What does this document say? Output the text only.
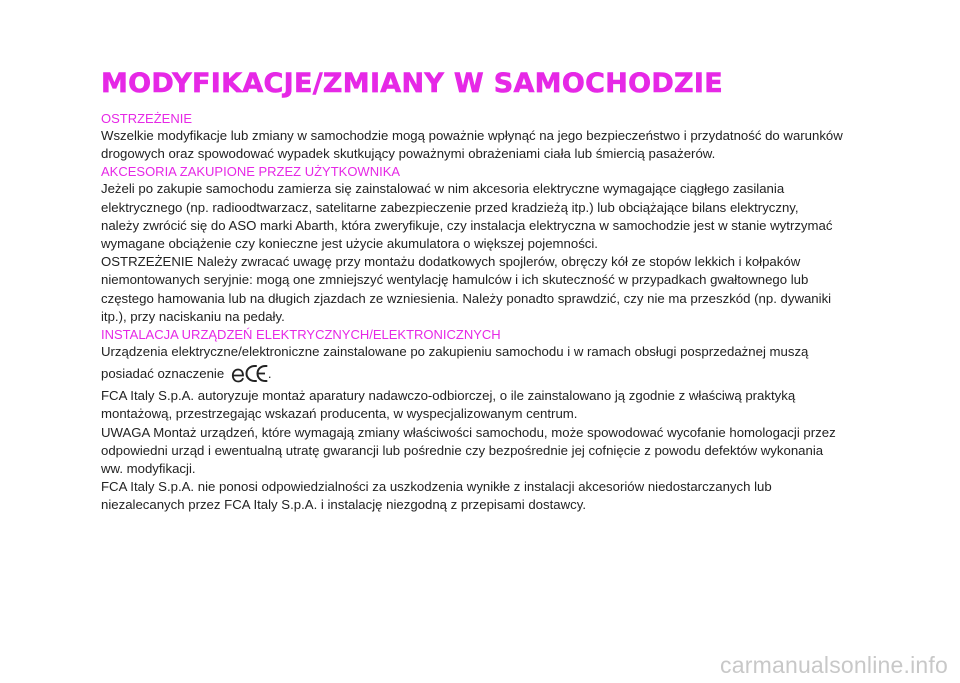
MODYFIKACJE/ZMIANY W SAMOCHODZIE

OSTRZEŻENIE

Wszelkie modyfikacje lub zmiany w samochodzie mogą poważnie wpłynąć na jego bezpieczeństwo i przydatność do warunków

drogowych oraz spowodować wypadek skutkujący poważnymi obrażeniami ciała lub śmiercią pasażerów.

AKCESORIA ZAKUPIONE PRZEZ UŻYTKOWNIKA

Jeżeli po zakupie samochodu zamierza się zainstalować w nim akcesoria elektryczne wymagające ciągłego zasilania

elektrycznego (np. radioodtwarzacz, satelitarne zabezpieczenie przed kradzieżą itp.) lub obciążające bilans elektryczny,

należy zwrócić się do ASO marki Abarth, która zweryfikuje, czy instalacja elektryczna w samochodzie jest w stanie wytrzymać

wymagane obciążenie czy konieczne jest użycie akumulatora o większej pojemności.

OSTRZEŻENIE Należy zwracać uwagę przy montażu dodatkowych spojlerów, obręczy kół ze stopów lekkich i kołpaków

niemontowanych seryjnie: mogą one zmniejszyć wentylację hamulców i ich skuteczność w przypadkach gwałtownego lub

częstego hamowania lub na długich zjazdach ze wzniesienia. Należy ponadto sprawdzić, czy nie ma przeszkód (np. dywaniki

itp.), przy naciskaniu na pedały.

INSTALACJA URZĄDZEŃ ELEKTRYCZNYCH/ELEKTRONICZNYCH

Urządzenia elektryczne/elektroniczne zainstalowane po zakupieniu samochodu i w ramach obsługi posprzedażnej muszą

posiadać oznaczenie	.

FCA Italy S.p.A. autoryzuje montaż aparatury nadawczo-odbiorczej, o ile zainstalowano ją zgodnie z właściwą praktyką

montażową, przestrzegając wskazań producenta, w wyspecjalizowanym centrum.

UWAGA Montaż urządzeń, które wymagają zmiany właściwości samochodu, może spowodować wycofanie homologacji przez

odpowiedni urząd i ewentualną utratę gwarancji lub pośrednie czy bezpośrednie jej cofnięcie z powodu defektów wykonania

ww. modyfikacji.

FCA Italy S.p.A. nie ponosi odpowiedzialności za uszkodzenia wynikłe z instalacji akcesoriów niedostarczanych lub

niezalecanych przez FCA Italy S.p.A. i instalację niezgodną z przepisami dostawcy.

carmanualsonline.info
